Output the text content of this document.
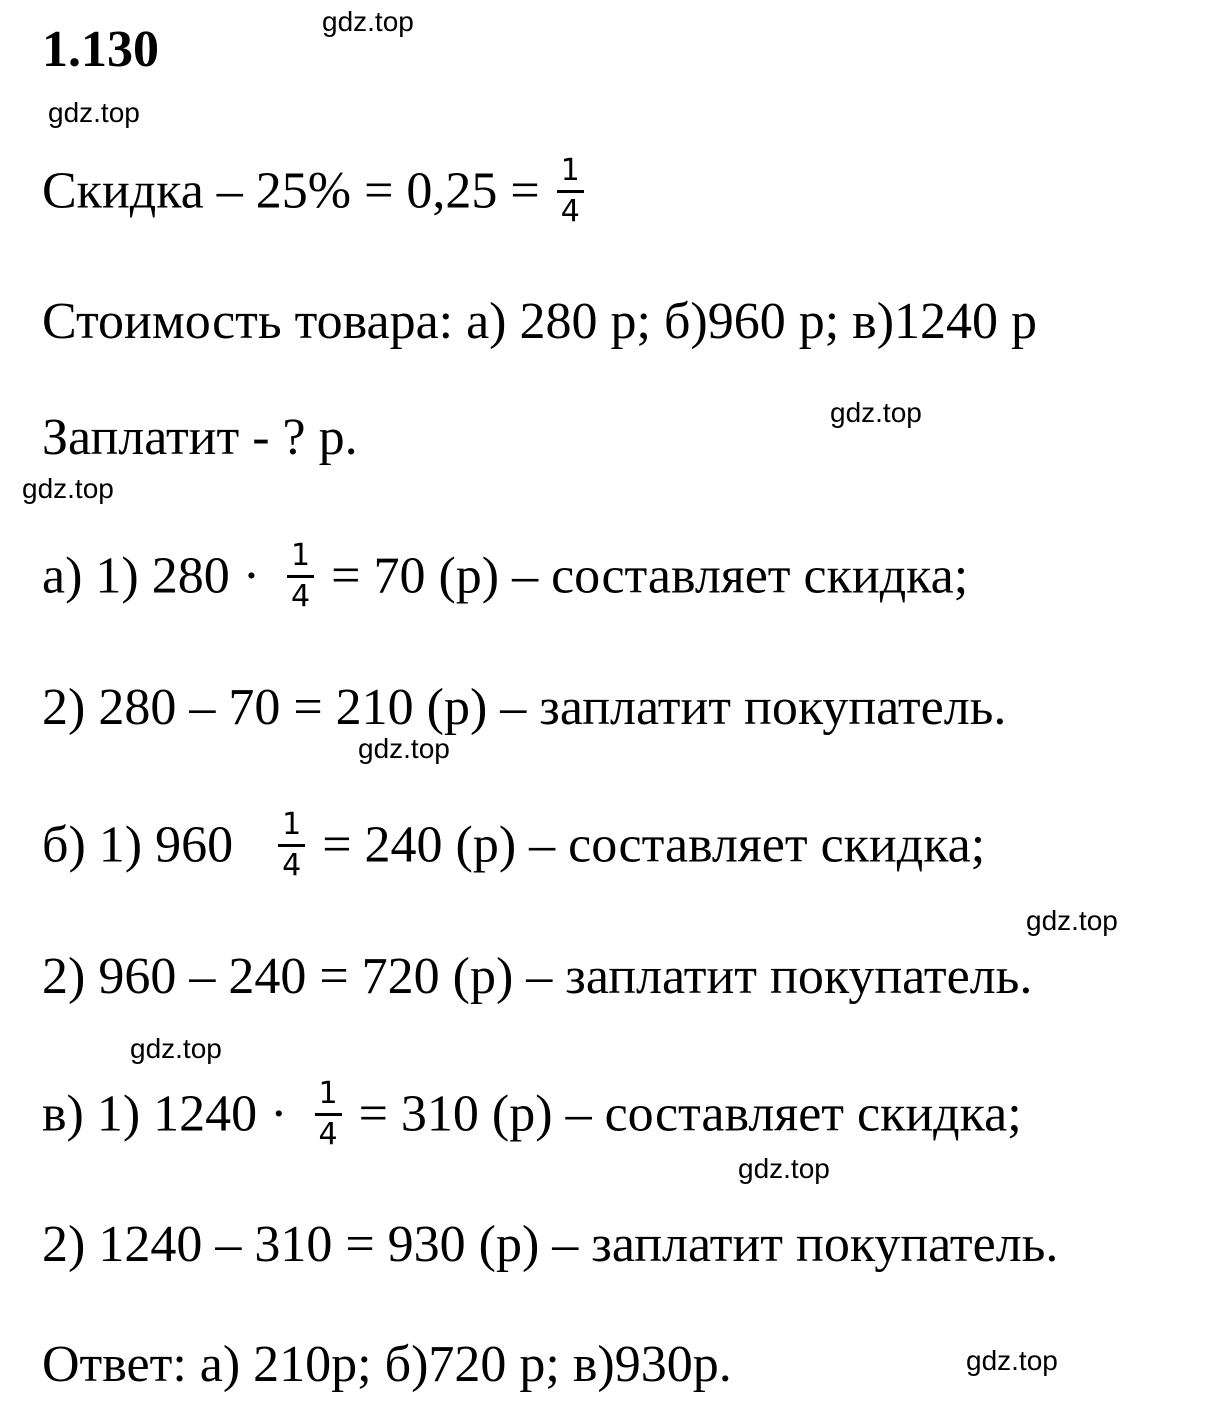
1.130	gdz.top
gdz.top
Скидка – $25\% = 0,25 = \frac{1}{4}$
Стоимость товара: а) 280 р; б)960 р; в)1240 р
gdz.top
Заплатит - ? р.
gdz.top
а) 1) $280 \cdot \frac{1}{4} = 70$ (р) – составляет скидка;
2) 280 – 70 = 210 (р) – заплатит покупатель.
gdz.top
б) 1) $960 \frac{1}{4} = 240$ (р) – составляет скидка;
gdz.top
2) 960 – 240 = 720 (р) – заплатит покупатель.
gdz.top
в) 1) $1240 \cdot \frac{1}{4} = 310$ (р) – составляет скидка;
gdz.top
2) 1240 – 310 = 930 (р) – заплатит покупатель.
Ответ: а) 210р; б)720 р; в)930р.	gdz.top
